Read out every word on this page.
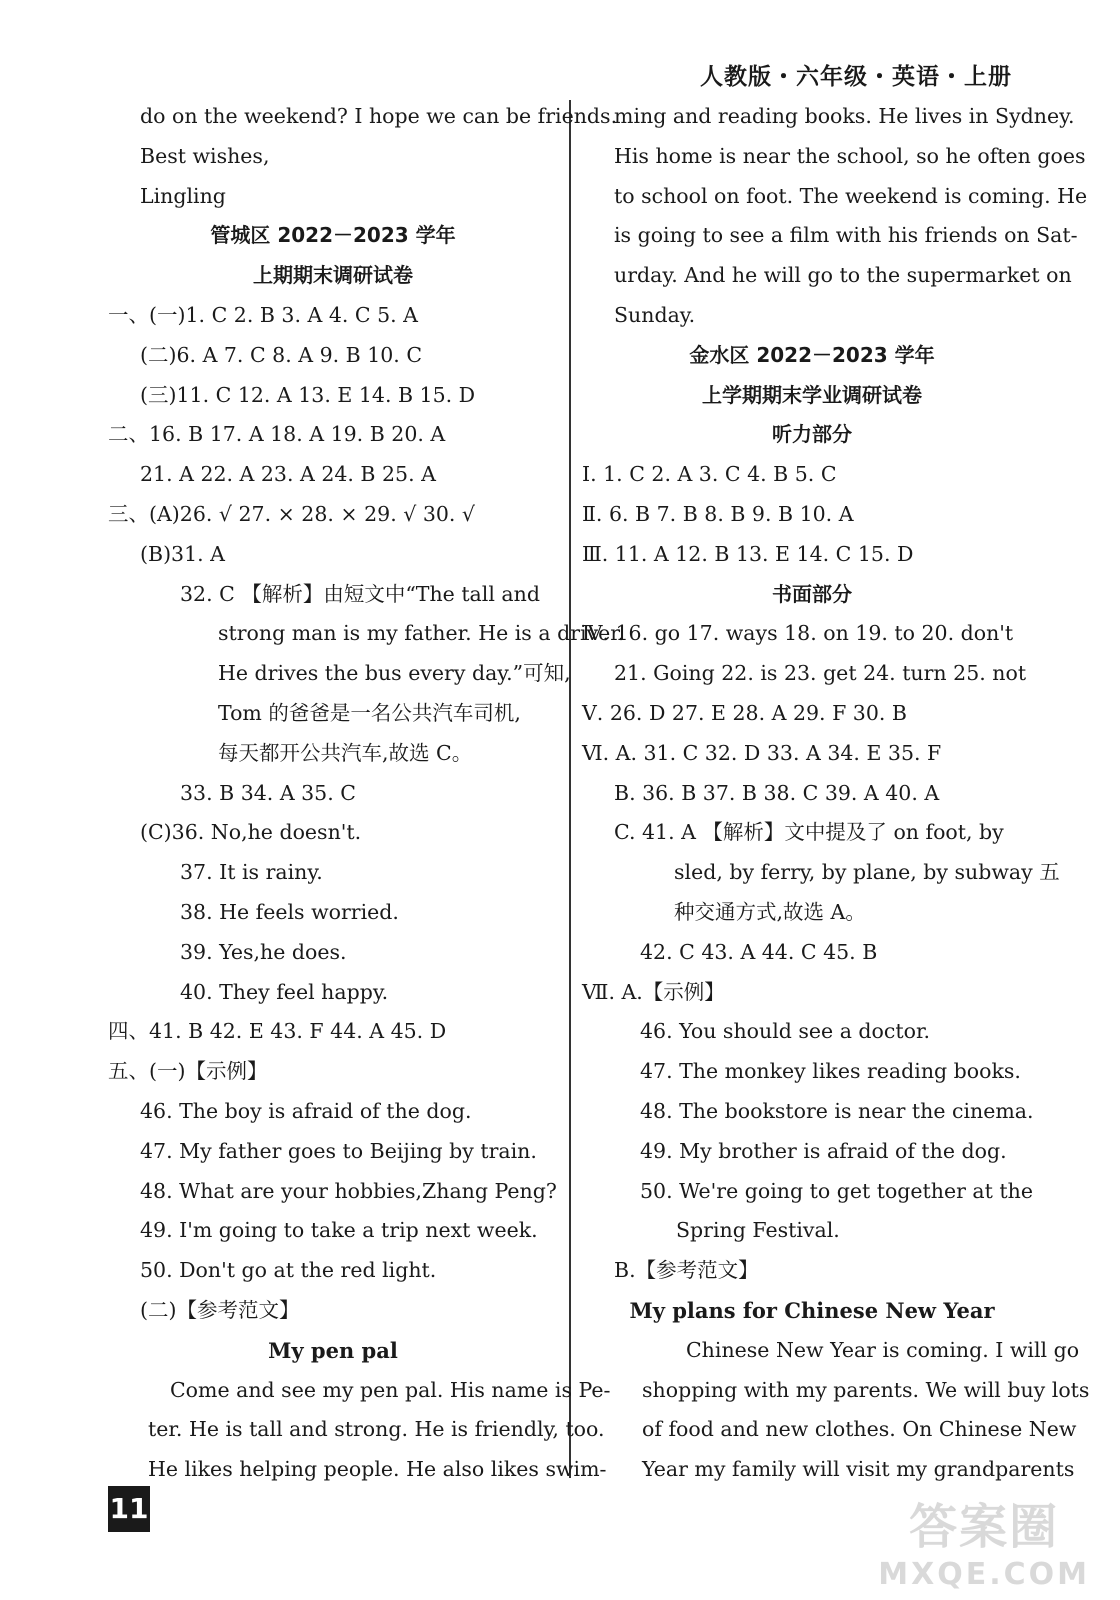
人教版・六年级・英语・上册
do on the weekend? I hope we can be friends.
Best wishes,
Lingling
管城区 2022－2023 学年
上期期末调研试卷
一、(一)1. C 2. B 3. A 4. C 5. A
(二)6. A 7. C 8. A 9. B 10. C
(三)11. C 12. A 13. E 14. B 15. D
二、16. B 17. A 18. A 19. B 20. A
21. A 22. A 23. A 24. B 25. A
三、(A)26. √ 27. × 28. × 29. √ 30. √
(B)31. A
32. C 【解析】由短文中“The tall and
strong man is my father. He is a driver.
He drives the bus every day.”可知,
Tom 的爸爸是一名公共汽车司机,
每天都开公共汽车,故选 C。
33. B 34. A 35. C
(C)36. No,he doesn't.
37. It is rainy.
38. He feels worried.
39. Yes,he does.
40. They feel happy.
四、41. B 42. E 43. F 44. A 45. D
五、(一)【示例】
46. The boy is afraid of the dog.
47. My father goes to Beijing by train.
48. What are your hobbies,Zhang Peng?
49. I'm going to take a trip next week.
50. Don't go at the red light.
(二)【参考范文】
My pen pal
Come and see my pen pal. His name is Pe-
ter. He is tall and strong. He is friendly, too.
He likes helping people. He also likes swim-
ming and reading books. He lives in Sydney.
His home is near the school, so he often goes
to school on foot. The weekend is coming. He
is going to see a film with his friends on Sat-
urday. And he will go to the supermarket on
Sunday.
金水区 2022－2023 学年
上学期期末学业调研试卷
听力部分
Ⅰ. 1. C 2. A 3. C 4. B 5. C
Ⅱ. 6. B 7. B 8. B 9. B 10. A
Ⅲ. 11. A 12. B 13. E 14. C 15. D
书面部分
Ⅳ. 16. go 17. ways 18. on 19. to 20. don't
21. Going 22. is 23. get 24. turn 25. not
Ⅴ. 26. D 27. E 28. A 29. F 30. B
Ⅵ. A. 31. C 32. D 33. A 34. E 35. F
B. 36. B 37. B 38. C 39. A 40. A
C. 41. A 【解析】文中提及了 on foot, by
sled, by ferry, by plane, by subway 五
种交通方式,故选 A。
42. C 43. A 44. C 45. B
Ⅶ. A.【示例】
46. You should see a doctor.
47. The monkey likes reading books.
48. The bookstore is near the cinema.
49. My brother is afraid of the dog.
50. We're going to get together at the
Spring Festival.
B.【参考范文】
My plans for Chinese New Year
Chinese New Year is coming. I will go
shopping with my parents. We will buy lots
of food and new clothes. On Chinese New
Year my family will visit my grandparents
11	答案圈
MXQE.COM
